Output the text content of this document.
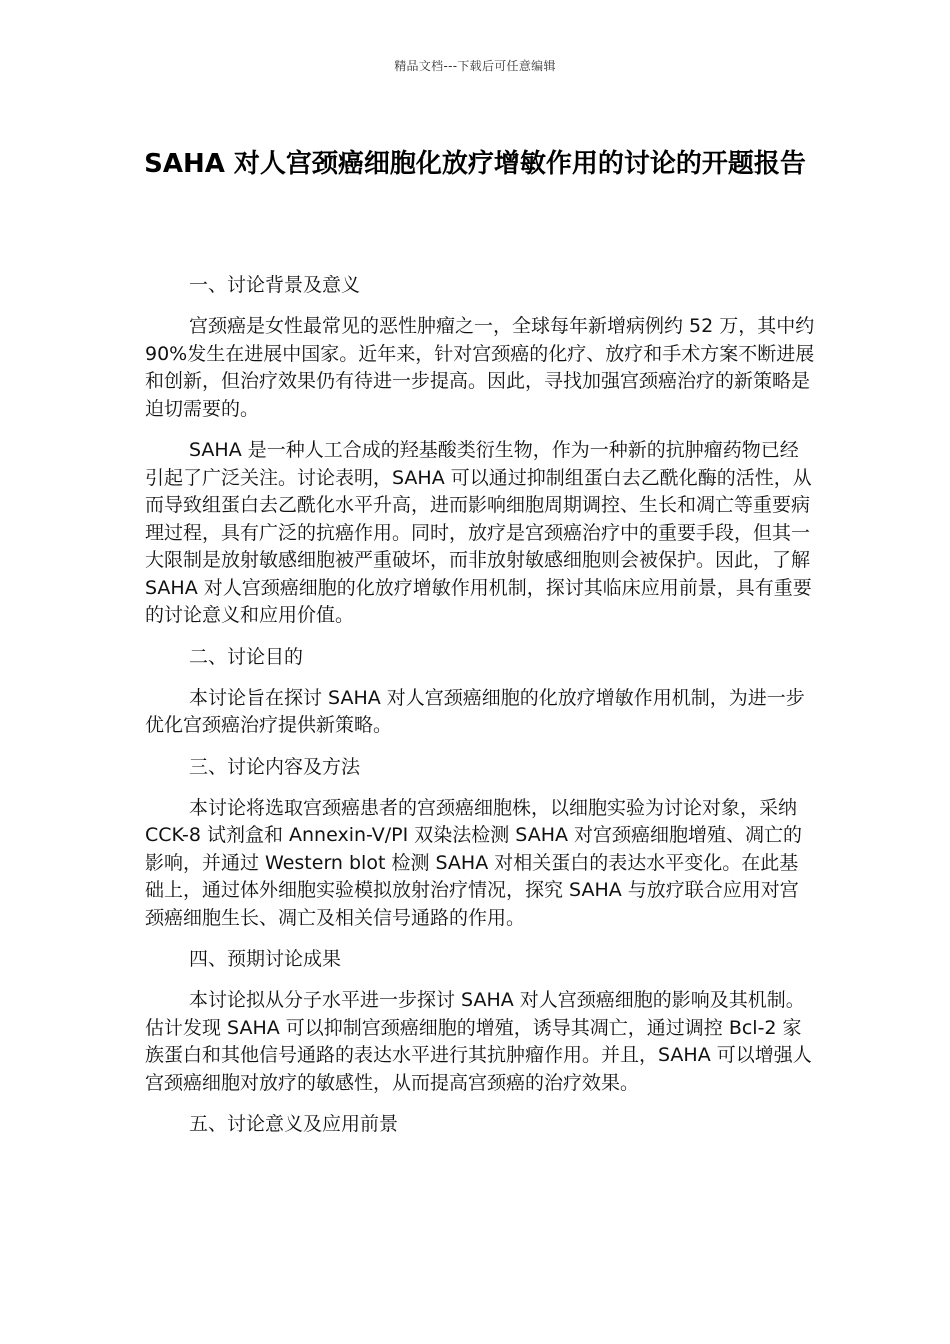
精品文档---下载后可任意编辑
SAHA 对人宫颈癌细胞化放疗增敏作用的讨论的开题报告
一、讨论背景及意义

宫颈癌是女性最常见的恶性肿瘤之一，全球每年新增病例约 52 万，其中约 90%发生在进展中国家。近年来，针对宫颈癌的化疗、放疗和手术方案不断进展和创新，但治疗效果仍有待进一步提高。因此，寻找加强宫颈癌治疗的新策略是迫切需要的。

SAHA 是一种人工合成的羟基酸类衍生物，作为一种新的抗肿瘤药物已经引起了广泛关注。讨论表明，SAHA 可以通过抑制组蛋白去乙酰化酶的活性，从而导致组蛋白去乙酰化水平升高，进而影响细胞周期调控、生长和凋亡等重要病理过程，具有广泛的抗癌作用。同时，放疗是宫颈癌治疗中的重要手段，但其一大限制是放射敏感细胞被严重破坏，而非放射敏感细胞则会被保护。因此，了解 SAHA 对人宫颈癌细胞的化放疗增敏作用机制，探讨其临床应用前景，具有重要的讨论意义和应用价值。

二、讨论目的

本讨论旨在探讨 SAHA 对人宫颈癌细胞的化放疗增敏作用机制，为进一步优化宫颈癌治疗提供新策略。

三、讨论内容及方法

本讨论将选取宫颈癌患者的宫颈癌细胞株，以细胞实验为讨论对象，采纳 CCK-8 试剂盒和 Annexin-V/PI 双染法检测 SAHA 对宫颈癌细胞增殖、凋亡的影响，并通过 Western blot 检测 SAHA 对相关蛋白的表达水平变化。在此基础上，通过体外细胞实验模拟放射治疗情况，探究 SAHA 与放疗联合应用对宫颈癌细胞生长、凋亡及相关信号通路的作用。

四、预期讨论成果

本讨论拟从分子水平进一步探讨 SAHA 对人宫颈癌细胞的影响及其机制。估计发现 SAHA 可以抑制宫颈癌细胞的增殖，诱导其凋亡，通过调控 Bcl-2 家族蛋白和其他信号通路的表达水平进行其抗肿瘤作用。并且，SAHA 可以增强人宫颈癌细胞对放疗的敏感性，从而提高宫颈癌的治疗效果。

五、讨论意义及应用前景
